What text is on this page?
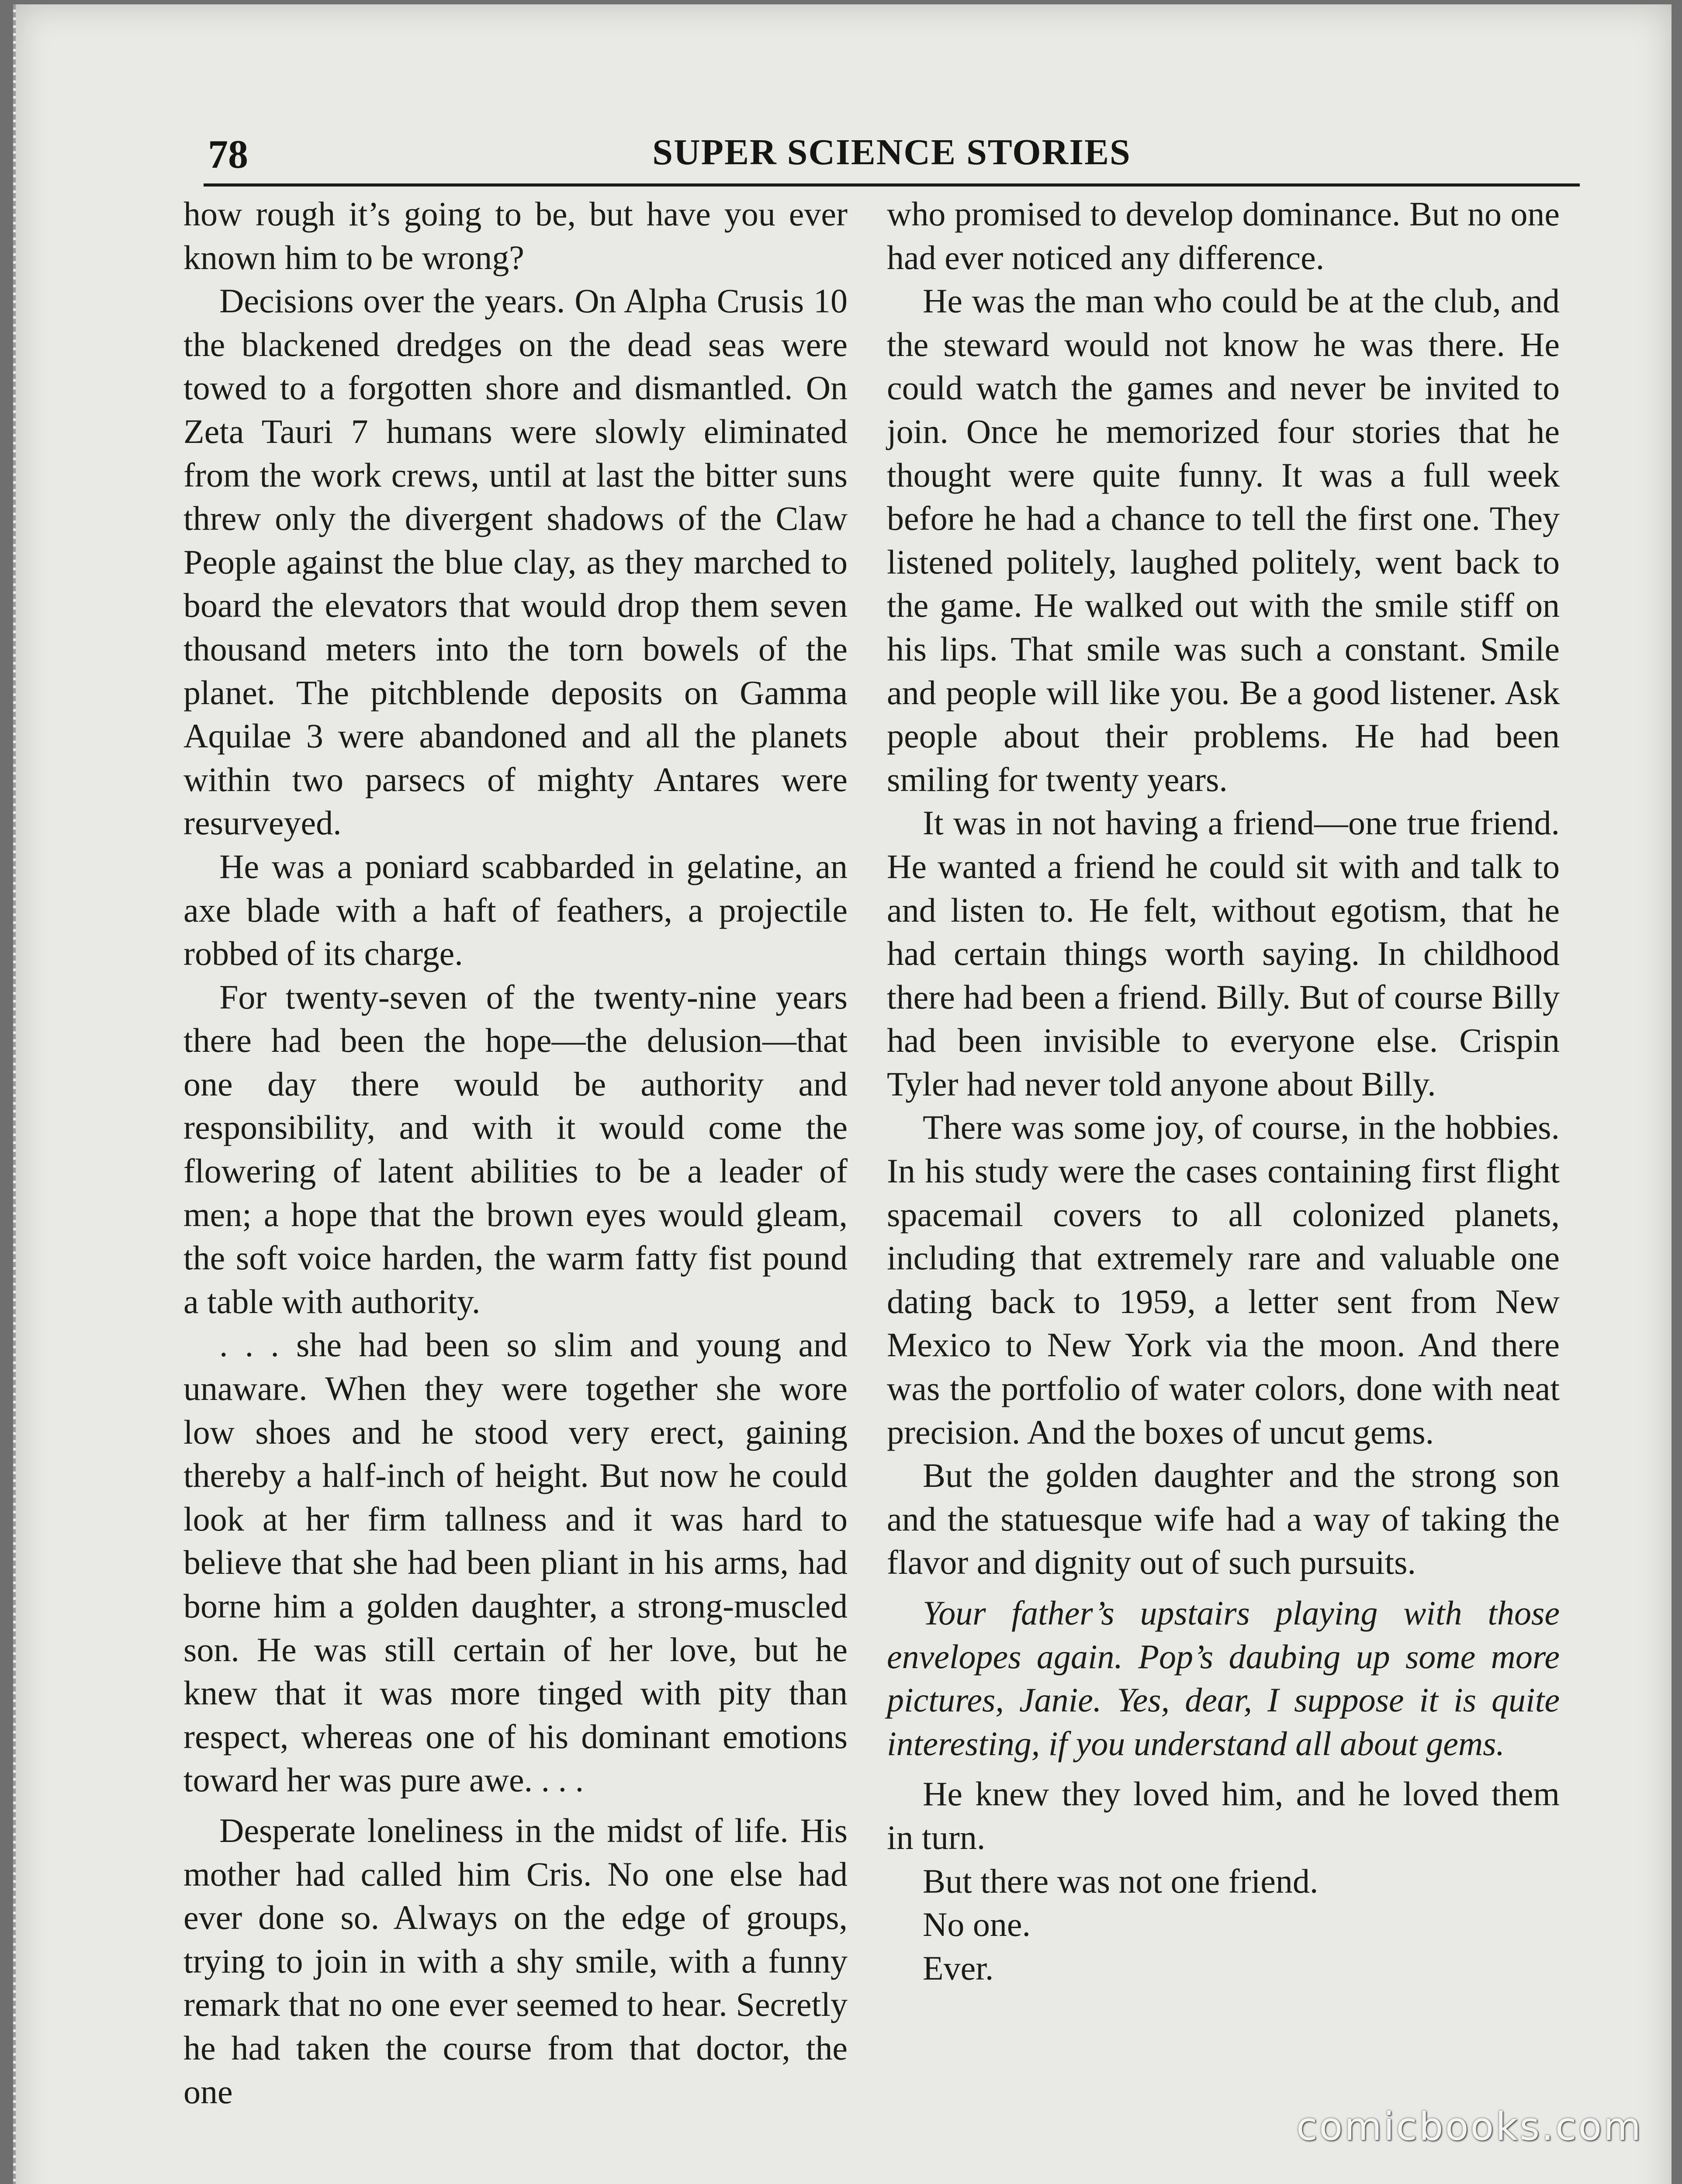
78	SUPER SCIENCE STORIES

how rough it’s going to be, but have you ever known him to be wrong?

Decisions over the years. On Alpha Crusis 10 the blackened dredges on the dead seas were towed to a forgotten shore and dismantled. On Zeta Tauri 7 humans were slowly eliminated from the work crews, until at last the bitter suns threw only the divergent shadows of the Claw People against the blue clay, as they marched to board the elevators that would drop them seven thousand meters into the torn bowels of the planet. The pitchblende deposits on Gamma Aquilae 3 were abandoned and all the planets within two parsecs of mighty Antares were resurveyed.

He was a poniard scabbarded in gelatine, an axe blade with a haft of feathers, a projectile robbed of its charge.

For twenty-seven of the twenty-nine years there had been the hope—the delusion—that one day there would be authority and responsibility, and with it would come the flowering of latent abilities to be a leader of men; a hope that the brown eyes would gleam, the soft voice harden, the warm fatty fist pound a table with authority.

. . . she had been so slim and young and unaware. When they were together she wore low shoes and he stood very erect, gaining thereby a half-inch of height. But now he could look at her firm tallness and it was hard to believe that she had been pliant in his arms, had borne him a golden daughter, a strong-muscled son. He was still certain of her love, but he knew that it was more tinged with pity than respect, whereas one of his dominant emotions toward her was pure awe. . . .

Desperate loneliness in the midst of life. His mother had called him Cris. No one else had ever done so. Always on the edge of groups, trying to join in with a shy smile, with a funny remark that no one ever seemed to hear. Secretly he had taken the course from that doctor, the one

who promised to develop dominance. But no one had ever noticed any difference.

He was the man who could be at the club, and the steward would not know he was there. He could watch the games and never be invited to join. Once he memorized four stories that he thought were quite funny. It was a full week before he had a chance to tell the first one. They listened politely, laughed politely, went back to the game. He walked out with the smile stiff on his lips. That smile was such a constant. Smile and people will like you. Be a good listener. Ask people about their problems. He had been smiling for twenty years.

It was in not having a friend—one true friend. He wanted a friend he could sit with and talk to and listen to. He felt, without egotism, that he had certain things worth saying. In childhood there had been a friend. Billy. But of course Billy had been invisible to everyone else. Crispin Tyler had never told anyone about Billy.

There was some joy, of course, in the hobbies. In his study were the cases containing first flight spacemail covers to all colonized planets, including that extremely rare and valuable one dating back to 1959, a letter sent from New Mexico to New York via the moon. And there was the portfolio of water colors, done with neat precision. And the boxes of uncut gems.

But the golden daughter and the strong son and the statuesque wife had a way of taking the flavor and dignity out of such pursuits.

Your father’s upstairs playing with those envelopes again. Pop’s daubing up some more pictures, Janie. Yes, dear, I suppose it is quite interesting, if you understand all about gems.

He knew they loved him, and he loved them in turn.

But there was not one friend.

No one.

Ever.

comicbooks.com
